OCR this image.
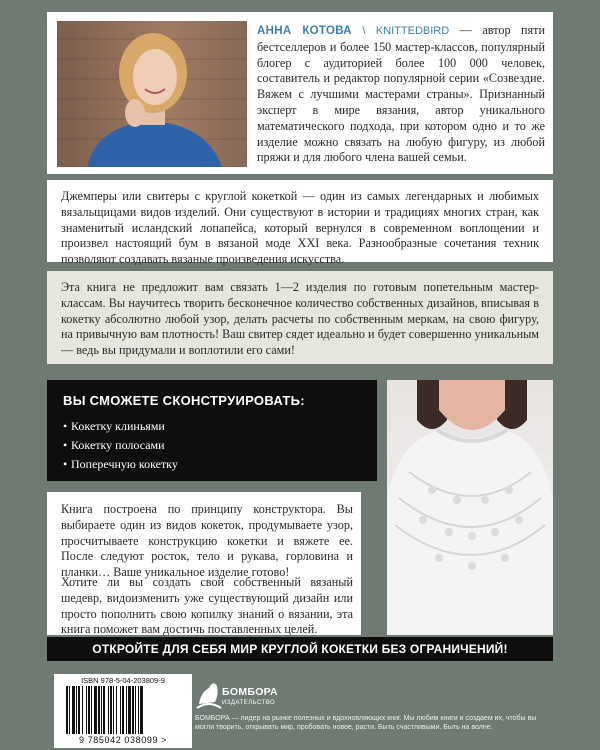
АННА КОТОВА \ KNITTEDBIRD — автор пяти бестселлеров и более 150 мастер-классов, популярный блогер с аудиторией более 100 000 человек, составитель и редактор популярной серии «Созвездие. Вяжем с лучшими мастерами страны». Признанный эксперт в мире вязания, автор уникального математического подхода, при котором одно и то же изделие можно связать на любую фигуру, из любой пряжи и для любого члена вашей семьи.
Джемперы или свитеры с круглой кокеткой — один из самых легендарных и любимых вязальщицами видов изделий. Они существуют в истории и традициях многих стран, как знаменитый исландский лопапейса, который вернулся в современном воплощении и произвел настоящий бум в вязаной моде XXI века. Разнообразные сочетания техник позволяют создавать вязаные произведения искусства.
Эта книга не предложит вам связать 1—2 изделия по готовым попетельным мастер-классам. Вы научитесь творить бесконечное количество собственных дизайнов, вписывая в кокетку абсолютно любой узор, делать расчеты по собственным меркам, на свою фигуру, на привычную вам плотность! Ваш свитер сядет идеально и будет совершенно уникальным — ведь вы придумали и воплотили его сами!
ВЫ СМОЖЕТЕ СКОНСТРУИРОВАТЬ:
• Кокетку клиньями
• Кокетку полосами
• Поперечную кокетку
Книга построена по принципу конструктора. Вы выбираете один из видов кокеток, продумываете узор, просчитываете конструкцию кокетки и вяжете ее. После следуют росток, тело и рукава, горловина и планки… Ваше уникальное изделие готово!
Хотите ли вы создать свой собственный вязаный шедевр, видоизменить уже существующий дизайн или просто пополнить свою копилку знаний о вязании, эта книга поможет вам достичь поставленных целей.
ОТКРОЙТЕ ДЛЯ СЕБЯ МИР КРУГЛОЙ КОКЕТКИ БЕЗ ОГРАНИЧЕНИЙ!
ISBN 978-5-04-203809-9
9 785042 038099 >
БОМБОРА
ИЗДАТЕЛЬСТВО
БОМБОРА — лидер на рынке полезных и вдохновляющих книг. Мы любим книги и создаем их, чтобы вы могли творить, открывать мир, пробовать новое, расти. Быть счастливыми. Быть на волне.
